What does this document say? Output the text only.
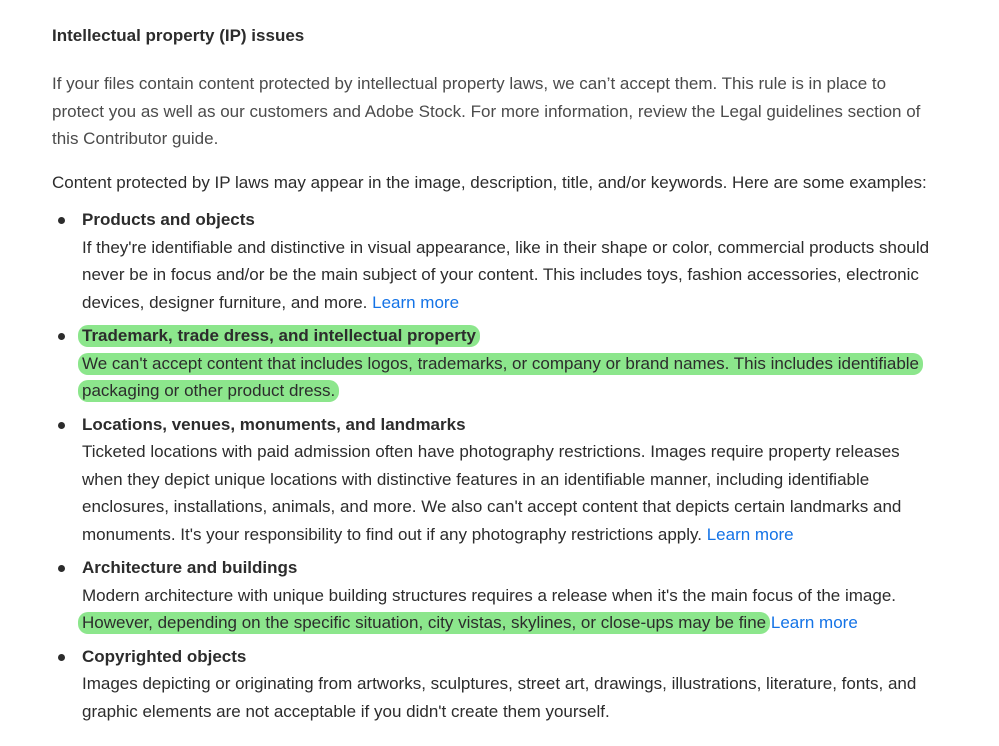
Intellectual property (IP) issues

If your files contain content protected by intellectual property laws, we can’t accept them. This rule is in place to protect you as well as our customers and Adobe Stock. For more information, review the Legal guidelines section of this Contributor guide.

Content protected by IP laws may appear in the image, description, title, and/or keywords. Here are some examples:

Products and objects
If they're identifiable and distinctive in visual appearance, like in their shape or color, commercial products should never be in focus and/or be the main subject of your content. This includes toys, fashion accessories, electronic devices, designer furniture, and more. Learn more
Trademark, trade dress, and intellectual property
We can't accept content that includes logos, trademarks, or company or brand names. This includes identifiable packaging or other product dress.
Locations, venues, monuments, and landmarks
Ticketed locations with paid admission often have photography restrictions. Images require property releases when they depict unique locations with distinctive features in an identifiable manner, including identifiable enclosures, installations, animals, and more. We also can't accept content that depicts certain landmarks and monuments. It's your responsibility to find out if any photography restrictions apply. Learn more
Architecture and buildings
Modern architecture with unique building structures requires a release when it's the main focus of the image. However, depending on the specific situation, city vistas, skylines, or close-ups may be fine Learn more
Copyrighted objects
Images depicting or originating from artworks, sculptures, street art, drawings, illustrations, literature, fonts, and graphic elements are not acceptable if you didn't create them yourself.
